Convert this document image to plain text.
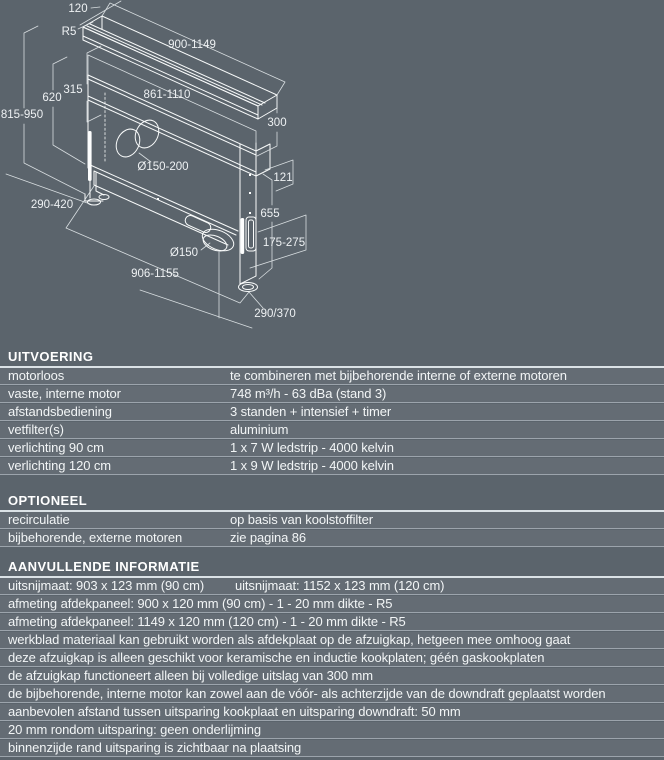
120
R5
900-1149
861-1110
315
620
815-950
300
Ø150-200
121
290-420
655
175-275
Ø150
906-1155
290/370
UITVOERING
motorloos	te combineren met bijbehorende interne of externe motoren
vaste, interne motor	748 m³/h - 63 dBa (stand 3)
afstandsbediening	3 standen + intensief + timer
vetfilter(s)	aluminium
verlichting 90 cm	1 x 7 W ledstrip - 4000 kelvin
verlichting 120 cm	1 x 9 W ledstrip - 4000 kelvin
OPTIONEEL
recirculatie	op basis van koolstoffilter
bijbehorende, externe motoren	zie pagina 86
AANVULLENDE INFORMATIE
uitsnijmaat: 903 x 123 mm (90 cm)	uitsnijmaat: 1152 x 123 mm (120 cm)
afmeting afdekpaneel: 900 x 120 mm (90 cm) - 1 - 20 mm dikte - R5
afmeting afdekpaneel: 1149 x 120 mm (120 cm) - 1 - 20 mm dikte - R5
werkblad materiaal kan gebruikt worden als afdekplaat op de afzuigkap, hetgeen mee omhoog gaat
deze afzuigkap is alleen geschikt voor keramische en inductie kookplaten; géén gaskookplaten
de afzuigkap functioneert alleen bij volledige uitslag van 300 mm
de bijbehorende, interne motor kan zowel aan de vóór- als achterzijde van de downdraft geplaatst worden
aanbevolen afstand tussen uitsparing kookplaat en uitsparing downdraft: 50 mm
20 mm rondom uitsparing: geen onderlijming
binnenzijde rand uitsparing is zichtbaar na plaatsing
